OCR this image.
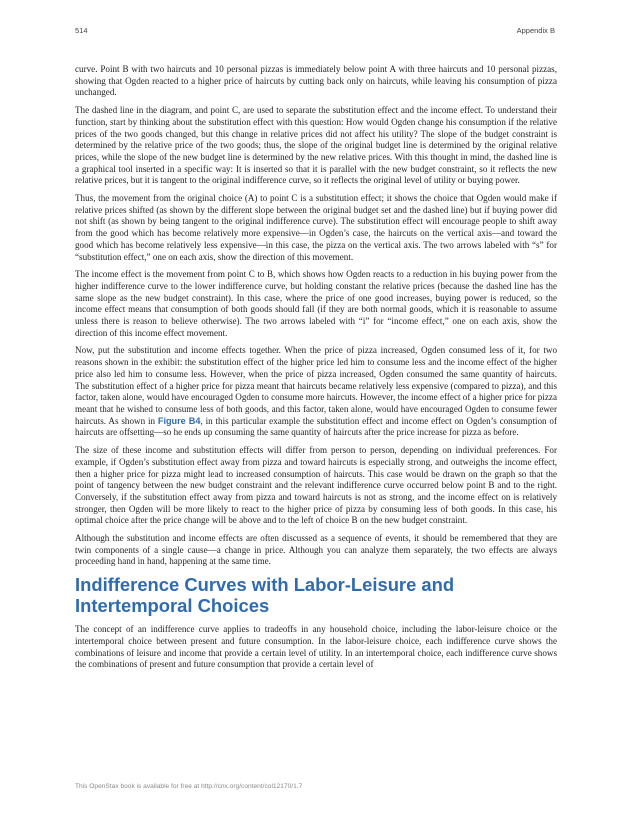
514	Appendix B

curve. Point B with two haircuts and 10 personal pizzas is immediately below point A with three haircuts and 10 personal pizzas, showing that Ogden reacted to a higher price of haircuts by cutting back only on haircuts, while leaving his consumption of pizza unchanged.

The dashed line in the diagram, and point C, are used to separate the substitution effect and the income effect. To understand their function, start by thinking about the substitution effect with this question: How would Ogden change his consumption if the relative prices of the two goods changed, but this change in relative prices did not affect his utility? The slope of the budget constraint is determined by the relative price of the two goods; thus, the slope of the original budget line is determined by the original relative prices, while the slope of the new budget line is determined by the new relative prices. With this thought in mind, the dashed line is a graphical tool inserted in a specific way: It is inserted so that it is parallel with the new budget constraint, so it reflects the new relative prices, but it is tangent to the original indifference curve, so it reflects the original level of utility or buying power.

Thus, the movement from the original choice (A) to point C is a substitution effect; it shows the choice that Ogden would make if relative prices shifted (as shown by the different slope between the original budget set and the dashed line) but if buying power did not shift (as shown by being tangent to the original indifference curve). The substitution effect will encourage people to shift away from the good which has become relatively more expensive—in Ogden’s case, the haircuts on the vertical axis—and toward the good which has become relatively less expensive—in this case, the pizza on the vertical axis. The two arrows labeled with “s” for “substitution effect,” one on each axis, show the direction of this movement.

The income effect is the movement from point C to B, which shows how Ogden reacts to a reduction in his buying power from the higher indifference curve to the lower indifference curve, but holding constant the relative prices (because the dashed line has the same slope as the new budget constraint). In this case, where the price of one good increases, buying power is reduced, so the income effect means that consumption of both goods should fall (if they are both normal goods, which it is reasonable to assume unless there is reason to believe otherwise). The two arrows labeled with “i” for “income effect,” one on each axis, show the direction of this income effect movement.

Now, put the substitution and income effects together. When the price of pizza increased, Ogden consumed less of it, for two reasons shown in the exhibit: the substitution effect of the higher price led him to consume less and the income effect of the higher price also led him to consume less. However, when the price of pizza increased, Ogden consumed the same quantity of haircuts. The substitution effect of a higher price for pizza meant that haircuts became relatively less expensive (compared to pizza), and this factor, taken alone, would have encouraged Ogden to consume more haircuts. However, the income effect of a higher price for pizza meant that he wished to consume less of both goods, and this factor, taken alone, would have encouraged Ogden to consume fewer haircuts. As shown in Figure B4, in this particular example the substitution effect and income effect on Ogden’s consumption of haircuts are offsetting—so he ends up consuming the same quantity of haircuts after the price increase for pizza as before.

The size of these income and substitution effects will differ from person to person, depending on individual preferences. For example, if Ogden’s substitution effect away from pizza and toward haircuts is especially strong, and outweighs the income effect, then a higher price for pizza might lead to increased consumption of haircuts. This case would be drawn on the graph so that the point of tangency between the new budget constraint and the relevant indifference curve occurred below point B and to the right. Conversely, if the substitution effect away from pizza and toward haircuts is not as strong, and the income effect on is relatively stronger, then Ogden will be more likely to react to the higher price of pizza by consuming less of both goods. In this case, his optimal choice after the price change will be above and to the left of choice B on the new budget constraint.

Although the substitution and income effects are often discussed as a sequence of events, it should be remembered that they are twin components of a single cause—a change in price. Although you can analyze them separately, the two effects are always proceeding hand in hand, happening at the same time.

Indifference Curves with Labor-Leisure and Intertemporal Choices

The concept of an indifference curve applies to tradeoffs in any household choice, including the labor-leisure choice or the intertemporal choice between present and future consumption. In the labor-leisure choice, each indifference curve shows the combinations of leisure and income that provide a certain level of utility. In an intertemporal choice, each indifference curve shows the combinations of present and future consumption that provide a certain level of

This OpenStax book is available for free at http://cnx.org/content/col12170/1.7
